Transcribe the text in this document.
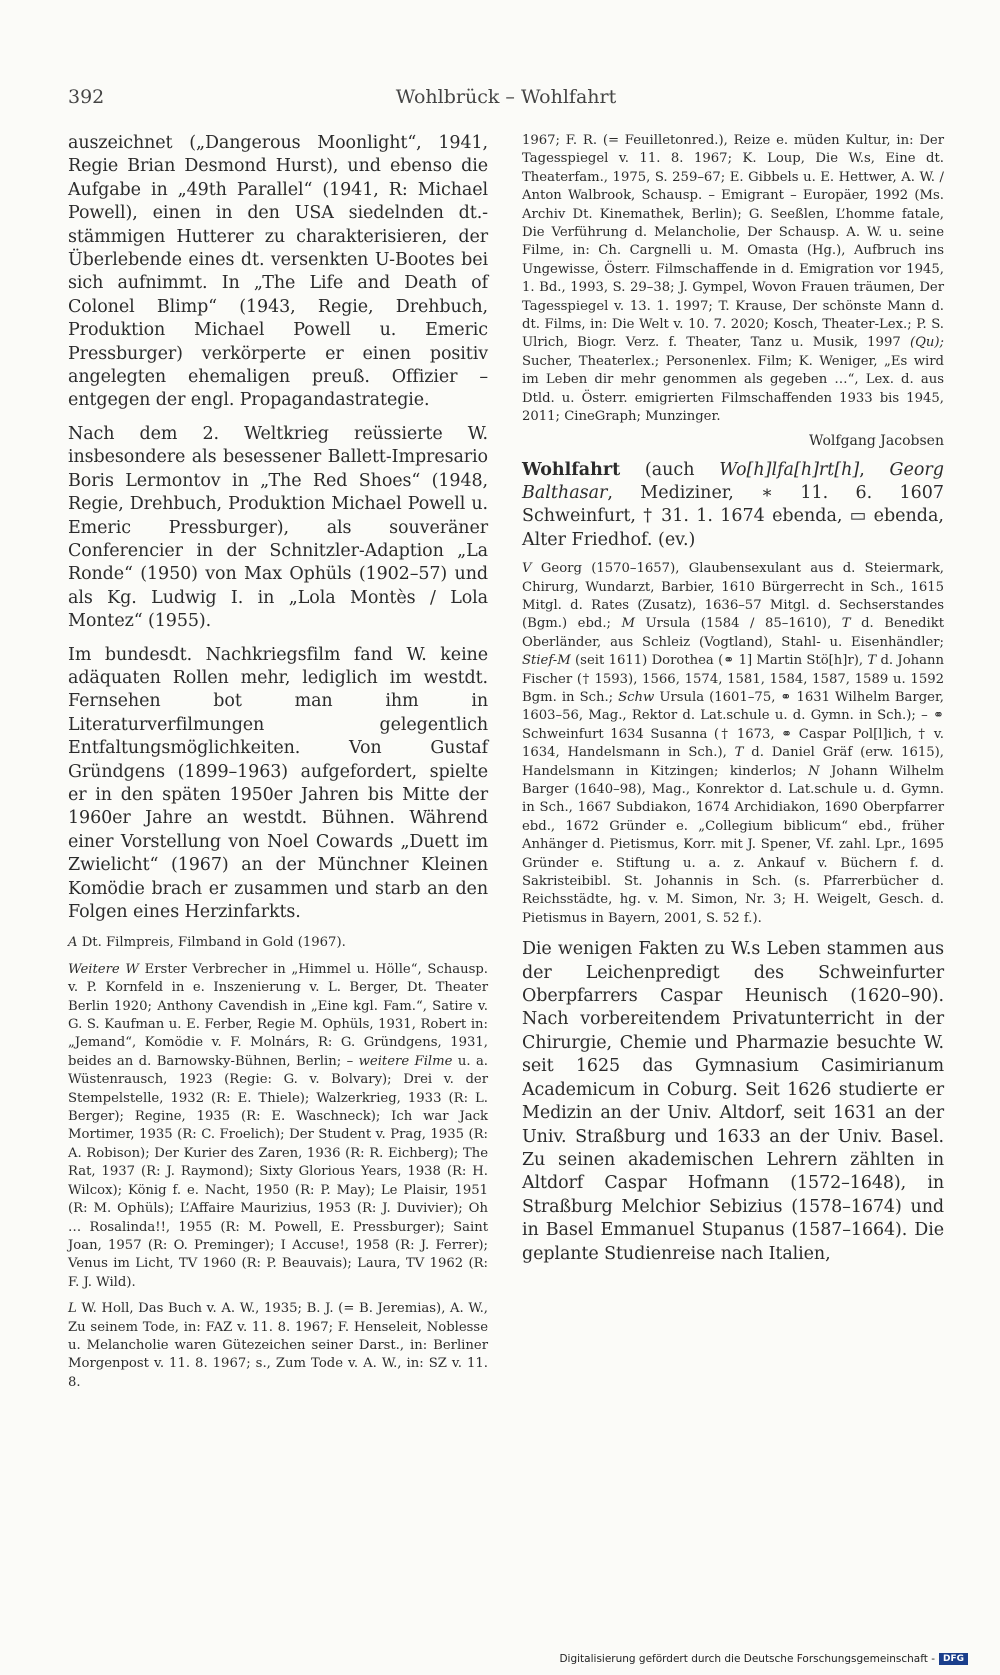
392	Wohlbrück – Wohlfahrt

auszeichnet („Dangerous Moonlight“, 1941, Regie Brian Desmond Hurst), und ebenso die Aufgabe in „49th Parallel“ (1941, R: Michael Powell), einen in den USA siedelnden dt.-stämmigen Hutterer zu charakterisieren, der Überlebende eines dt. versenkten U-Bootes bei sich aufnimmt. In „The Life and Death of Colonel Blimp“ (1943, Regie, Drehbuch, Produktion Michael Powell u. Emeric Pressburger) verkörperte er einen positiv angelegten ehemaligen preuß. Offizier – entgegen der engl. Propagandastrategie.

Nach dem 2. Weltkrieg reüssierte W. insbesondere als besessener Ballett-Impresario Boris Lermontov in „The Red Shoes“ (1948, Regie, Drehbuch, Produktion Michael Powell u. Emeric Pressburger), als souveräner Conferencier in der Schnitzler-Adaption „La Ronde“ (1950) von Max Ophüls (1902–57) und als Kg. Ludwig I. in „Lola Montès / Lola Montez“ (1955).

Im bundesdt. Nachkriegsfilm fand W. keine adäquaten Rollen mehr, lediglich im westdt. Fernsehen bot man ihm in Literaturverfilmungen gelegentlich Entfaltungsmöglichkeiten. Von Gustaf Gründgens (1899–1963) aufgefordert, spielte er in den späten 1950er Jahren bis Mitte der 1960er Jahre an westdt. Bühnen. Während einer Vorstellung von Noel Cowards „Duett im Zwielicht“ (1967) an der Münchner Kleinen Komödie brach er zusammen und starb an den Folgen eines Herzinfarkts.

A Dt. Filmpreis, Filmband in Gold (1967).

Weitere W Erster Verbrecher in „Himmel u. Hölle“, Schausp. v. P. Kornfeld in e. Inszenierung v. L. Berger, Dt. Theater Berlin 1920; Anthony Cavendish in „Eine kgl. Fam.“, Satire v. G. S. Kaufman u. E. Ferber, Regie M. Ophüls, 1931, Robert in: „Jemand“, Komödie v. F. Molnárs, R: G. Gründgens, 1931, beides an d. Barnowsky-Bühnen, Berlin; – weitere Filme u. a. Wüstenrausch, 1923 (Regie: G. v. Bolvary); Drei v. der Stempelstelle, 1932 (R: E. Thiele); Walzerkrieg, 1933 (R: L. Berger); Regine, 1935 (R: E. Waschneck); Ich war Jack Mortimer, 1935 (R: C. Froelich); Der Student v. Prag, 1935 (R: A. Robison); Der Kurier des Zaren, 1936 (R: R. Eichberg); The Rat, 1937 (R: J. Raymond); Sixty Glorious Years, 1938 (R: H. Wilcox); König f. e. Nacht, 1950 (R: P. May); Le Plaisir, 1951 (R: M. Ophüls); L’Affaire Maurizius, 1953 (R: J. Duvivier); Oh … Rosalinda!!, 1955 (R: M. Powell, E. Pressburger); Saint Joan, 1957 (R: O. Preminger); I Accuse!, 1958 (R: J. Ferrer); Venus im Licht, TV 1960 (R: P. Beauvais); Laura, TV 1962 (R: F. J. Wild).

L W. Holl, Das Buch v. A. W., 1935; B. J. (= B. Jeremias), A. W., Zu seinem Tode, in: FAZ v. 11. 8. 1967; F. Henseleit, Noblesse u. Melancholie waren Gütezeichen seiner Darst., in: Berliner Morgenpost v. 11. 8. 1967; s., Zum Tode v. A. W., in: SZ v. 11. 8.

1967; F. R. (= Feuilletonred.), Reize e. müden Kultur, in: Der Tagesspiegel v. 11. 8. 1967; K. Loup, Die W.s, Eine dt. Theaterfam., 1975, S. 259–67; E. Gibbels u. E. Hettwer, A. W. / Anton Walbrook, Schausp. – Emigrant – Europäer, 1992 (Ms. Archiv Dt. Kinemathek, Berlin); G. Seeßlen, L’homme fatale, Die Verführung d. Melancholie, Der Schausp. A. W. u. seine Filme, in: Ch. Cargnelli u. M. Omasta (Hg.), Aufbruch ins Ungewisse, Österr. Filmschaffende in d. Emigration vor 1945, 1. Bd., 1993, S. 29–38; J. Gympel, Wovon Frauen träumen, Der Tagesspiegel v. 13. 1. 1997; T. Krause, Der schönste Mann d. dt. Films, in: Die Welt v. 10. 7. 2020; Kosch, Theater-Lex.; P. S. Ulrich, Biogr. Verz. f. Theater, Tanz u. Musik, 1997 (Qu); Sucher, Theaterlex.; Personenlex. Film; K. Weniger, „Es wird im Leben dir mehr genommen als gegeben …“, Lex. d. aus Dtld. u. Österr. emigrierten Filmschaffenden 1933 bis 1945, 2011; CineGraph; Munzinger.

Wolfgang Jacobsen

Wohlfahrt (auch Wo[h]lfa[h]rt[h], Georg Balthasar, Mediziner, ∗ 11. 6. 1607 Schweinfurt, † 31. 1. 1674 ebenda, ▭ ebenda, Alter Friedhof. (ev.)

V Georg (1570–1657), Glaubensexulant aus d. Steiermark, Chirurg, Wundarzt, Barbier, 1610 Bürgerrecht in Sch., 1615 Mitgl. d. Rates (Zusatz), 1636–57 Mitgl. d. Sechserstandes (Bgm.) ebd.; M Ursula (1584 / 85–1610), T d. Benedikt Oberländer, aus Schleiz (Vogtland), Stahl- u. Eisenhändler; Stief-M (seit 1611) Dorothea (⚭ 1] Martin Stö[h]r), T d. Johann Fischer († 1593), 1566, 1574, 1581, 1584, 1587, 1589 u. 1592 Bgm. in Sch.; Schw Ursula (1601–75, ⚭ 1631 Wilhelm Barger, 1603–56, Mag., Rektor d. Lat.schule u. d. Gymn. in Sch.); – ⚭ Schweinfurt 1634 Susanna († 1673, ⚭ Caspar Pol[l]ich, † v. 1634, Handelsmann in Sch.), T d. Daniel Gräf (erw. 1615), Handelsmann in Kitzingen; kinderlos; N Johann Wilhelm Barger (1640–98), Mag., Konrektor d. Lat.schule u. d. Gymn. in Sch., 1667 Subdiakon, 1674 Archidiakon, 1690 Oberpfarrer ebd., 1672 Gründer e. „Collegium biblicum“ ebd., früher Anhänger d. Pietismus, Korr. mit J. Spener, Vf. zahl. Lpr., 1695 Gründer e. Stiftung u. a. z. Ankauf v. Büchern f. d. Sakristeibibl. St. Johannis in Sch. (s. Pfarrerbücher d. Reichsstädte, hg. v. M. Simon, Nr. 3; H. Weigelt, Gesch. d. Pietismus in Bayern, 2001, S. 52 f.).

Die wenigen Fakten zu W.s Leben stammen aus der Leichenpredigt des Schweinfurter Oberpfarrers Caspar Heunisch (1620–90). Nach vorbereitendem Privatunterricht in der Chirurgie, Chemie und Pharmazie besuchte W. seit 1625 das Gymnasium Casimirianum Academicum in Coburg. Seit 1626 studierte er Medizin an der Univ. Altdorf, seit 1631 an der Univ. Straßburg und 1633 an der Univ. Basel. Zu seinen akademischen Lehrern zählten in Altdorf Caspar Hofmann (1572–1648), in Straßburg Melchior Sebizius (1578–1674) und in Basel Emmanuel Stupanus (1587–1664). Die geplante Studienreise nach Italien,

Digitalisierung gefördert durch die Deutsche Forschungsgemeinschaft - DFG
